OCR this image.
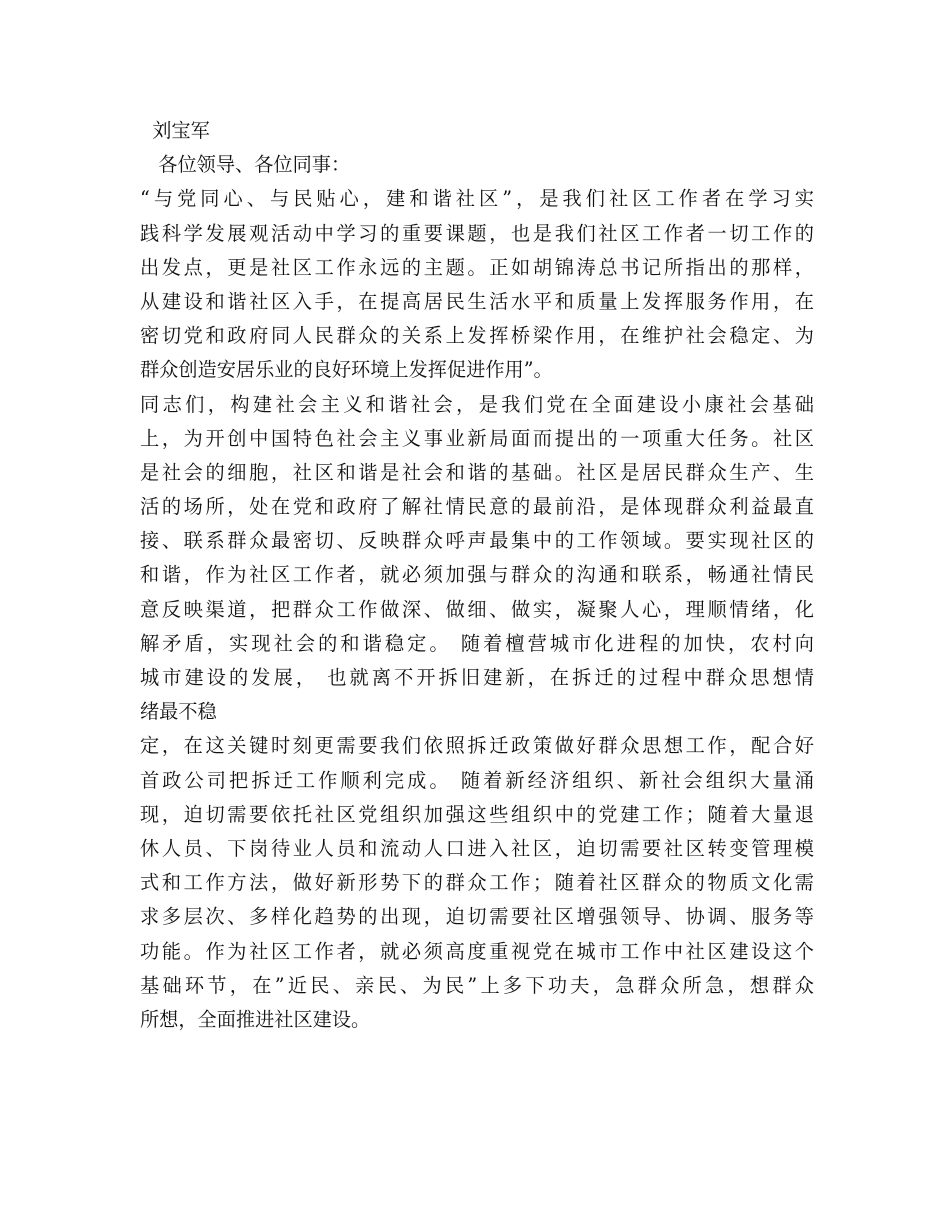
刘宝军
各位领导、各位同事：
“与党同心、与民贴心，建和谐社区”，是我们社区工作者在学习实
践科学发展观活动中学习的重要课题，也是我们社区工作者一切工作的
出发点，更是社区工作永远的主题。正如胡锦涛总书记所指出的那样，
从建设和谐社区入手，在提高居民生活水平和质量上发挥服务作用，在
密切党和政府同人民群众的关系上发挥桥梁作用，在维护社会稳定、为
群众创造安居乐业的良好环境上发挥促进作用”。
同志们，构建社会主义和谐社会，是我们党在全面建设小康社会基础
上，为开创中国特色社会主义事业新局面而提出的一项重大任务。社区
是社会的细胞，社区和谐是社会和谐的基础。社区是居民群众生产、生
活的场所，处在党和政府了解社情民意的最前沿，是体现群众利益最直
接、联系群众最密切、反映群众呼声最集中的工作领域。要实现社区的
和谐，作为社区工作者，就必须加强与群众的沟通和联系，畅通社情民
意反映渠道，把群众工作做深、做细、做实，凝聚人心，理顺情绪，化
解矛盾，实现社会的和谐稳定。 随着檀营城市化进程的加快，农村向
城市建设的发展， 也就离不开拆旧建新，在拆迁的过程中群众思想情
绪最不稳
定，在这关键时刻更需要我们依照拆迁政策做好群众思想工作，配合好
首政公司把拆迁工作顺利完成。 随着新经济组织、新社会组织大量涌
现，迫切需要依托社区党组织加强这些组织中的党建工作；随着大量退
休人员、下岗待业人员和流动人口进入社区，迫切需要社区转变管理模
式和工作方法，做好新形势下的群众工作；随着社区群众的物质文化需
求多层次、多样化趋势的出现，迫切需要社区增强领导、协调、服务等
功能。作为社区工作者，就必须高度重视党在城市工作中社区建设这个
基础环节，在”近民、亲民、为民”上多下功夫，急群众所急，想群众
所想，全面推进社区建设。
